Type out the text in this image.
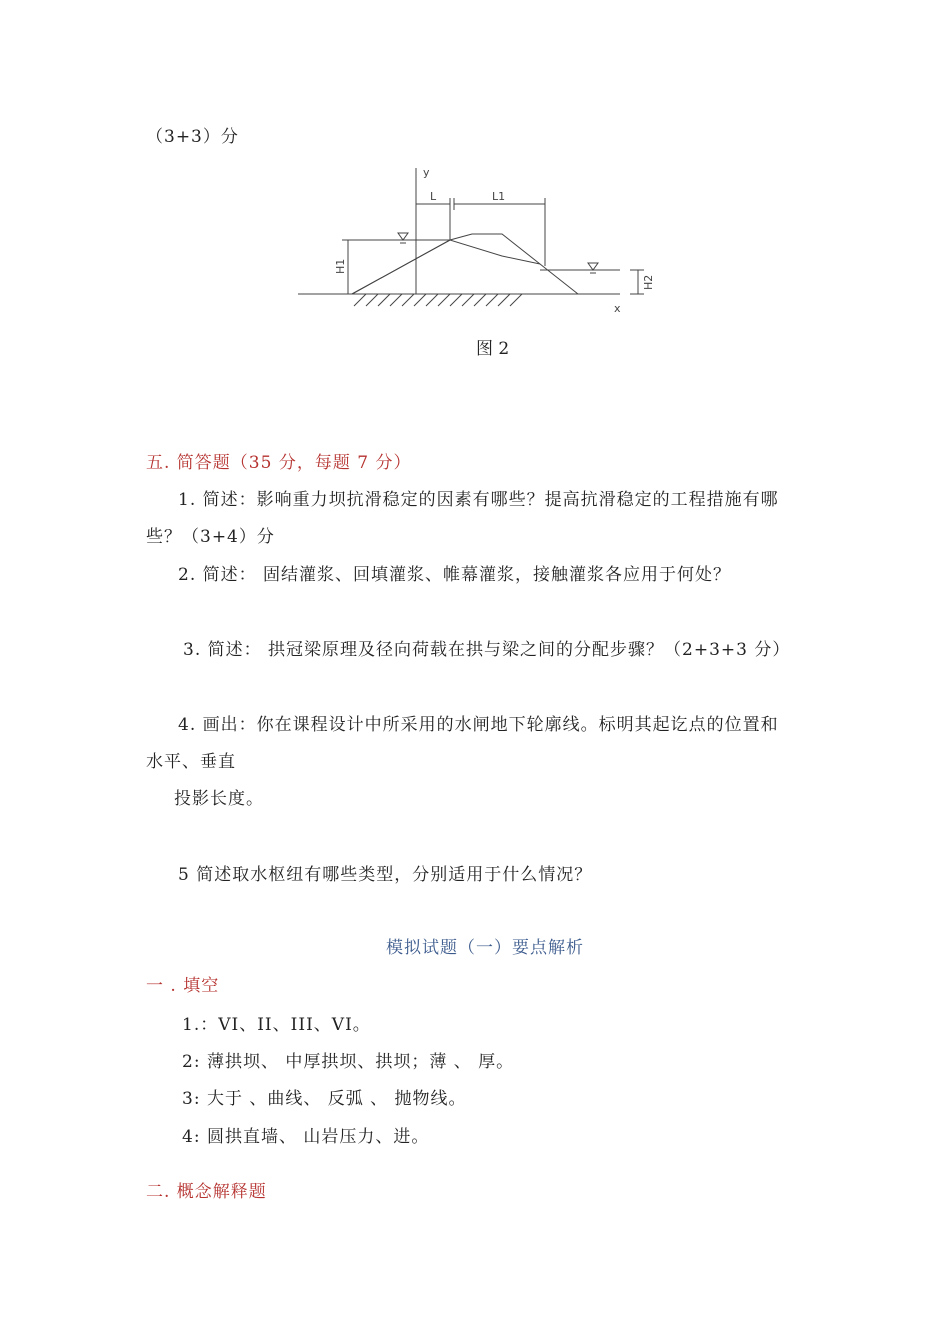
（3+3）分
y
x
H1
H2
L	L1
图 2
五. 简答题（35 分，每题 7 分）
1. 简述：影响重力坝抗滑稳定的因素有哪些？提高抗滑稳定的工程措施有哪
些？（3+4）分
2. 简述： 固结灌浆、回填灌浆、帷幕灌浆，接触灌浆各应用于何处？
3. 简述： 拱冠梁原理及径向荷载在拱与梁之间的分配步骤？（2+3+3 分）
4. 画出：你在课程设计中所采用的水闸地下轮廓线。标明其起讫点的位置和
水平、垂直
投影长度。
5 简述取水枢纽有哪些类型，分别适用于什么情况？
模拟试题（一）要点解析
一 . 填空
1.：VI、II、III、VI。
2: 薄拱坝、 中厚拱坝、拱坝；薄 、 厚。
3: 大于 、曲线、 反弧 、 抛物线。
4: 圆拱直墙、 山岩压力、进。
二. 概念解释题
